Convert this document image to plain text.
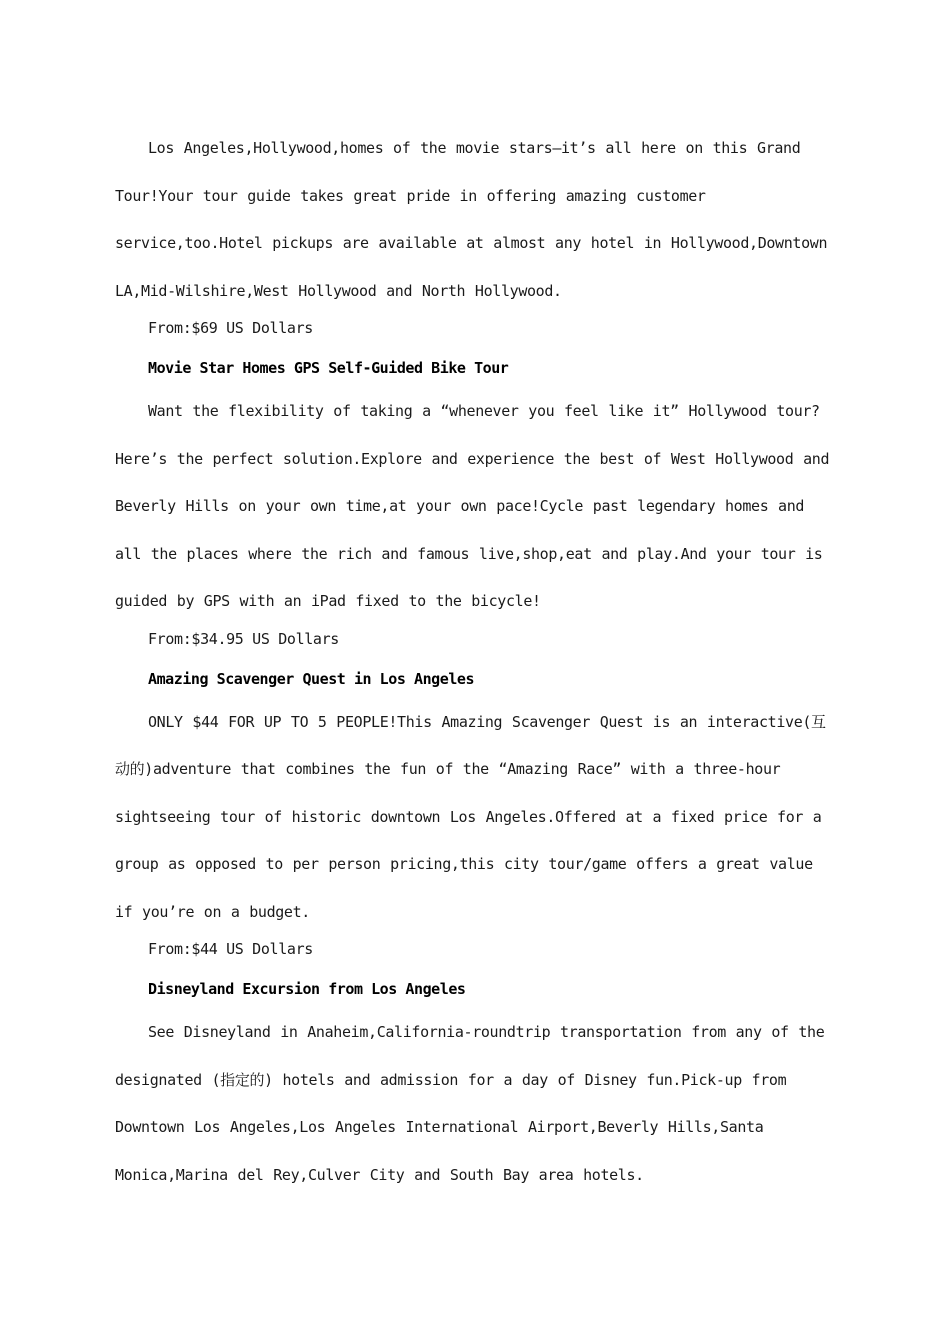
Los Angeles,Hollywood,homes of the movie stars—it’s all here on this Grand Tour!Your tour guide takes great pride in offering amazing customer service,too.Hotel pickups are available at almost any hotel in Hollywood,Downtown LA,Mid-Wilshire,West Hollywood and North Hollywood.

From:$69 US Dollars

Movie Star Homes GPS Self-Guided Bike Tour

Want the flexibility of taking a “whenever you feel like it” Hollywood tour? Here’s the perfect solution.Explore and experience the best of West Hollywood and Beverly Hills on your own time,at your own pace!Cycle past legendary homes and all the places where the rich and famous live,shop,eat and play.And your tour is guided by GPS with an iPad fixed to the bicycle!

From:$34.95 US Dollars

Amazing Scavenger Quest in Los Angeles

ONLY $44 FOR UP TO 5 PEOPLE!This Amazing Scavenger Quest is an interactive(互动的)adventure that combines the fun of the “Amazing Race” with a three-hour sightseeing tour of historic downtown Los Angeles.Offered at a fixed price for a group as opposed to per person pricing,this city tour/game offers a great value if you’re on a budget.

From:$44 US Dollars

Disneyland Excursion from Los Angeles

See Disneyland in Anaheim,California-roundtrip transportation from any of the designated (指定的) hotels and admission for a day of Disney fun.Pick-up from Downtown Los Angeles,Los Angeles International Airport,Beverly Hills,Santa Monica,Marina del Rey,Culver City and South Bay area hotels.
